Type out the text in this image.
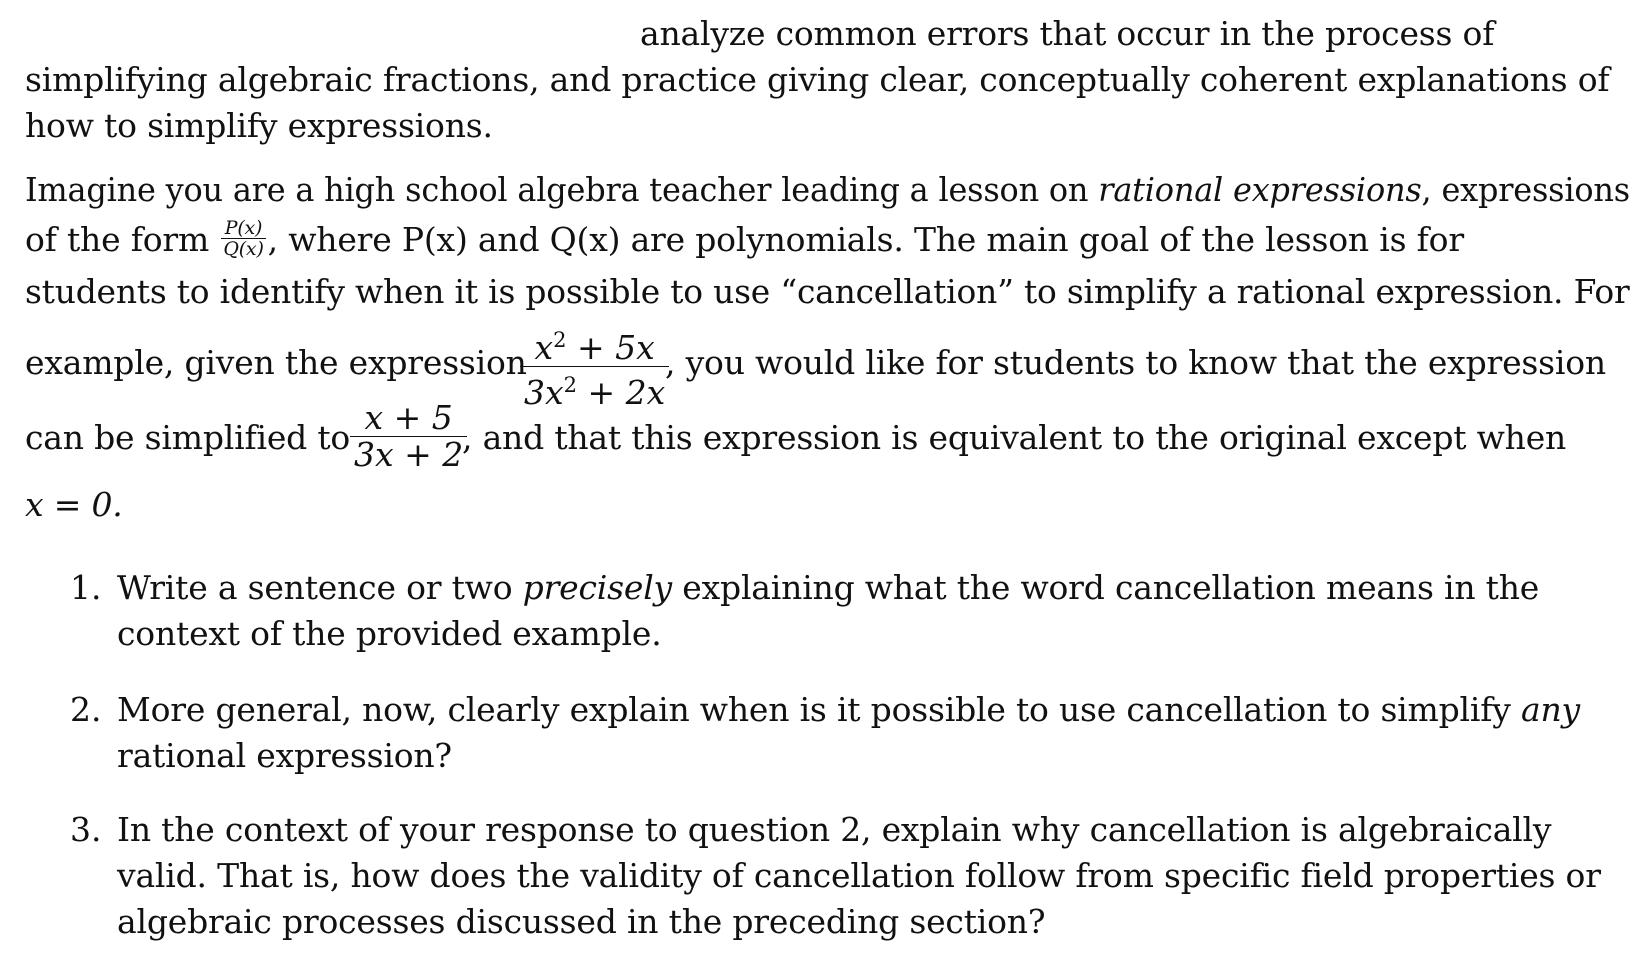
analyze common errors that occur in the process of
simplifying algebraic fractions, and practice giving clear, conceptually coherent explanations of
how to simplify expressions.
Imagine you are a high school algebra teacher leading a lesson on rational expressions, expressions
of the form $\frac{P(x)}{Q(x)}$ , where P(x) and Q(x) are polynomials. The main goal of the lesson is for
students to identify when it is possible to use “cancellation” to simplify a rational expression. For
example, given the expression
$\frac{x^2 + 5x}{3x^2 + 2x}$
, you would like for students to know that the expression
can be simplified to $\frac{x + 5}{3x + 2}$
, and that this expression is equivalent to the original except when
x = 0.
1. Write a sentence or two precisely explaining what the word cancellation means in the
context of the provided example.
2. More general, now, clearly explain when is it possible to use cancellation to simplify any
rational expression?
3. In the context of your response to question 2, explain why cancellation is algebraically
valid. That is, how does the validity of cancellation follow from specific field properties or
algebraic processes discussed in the preceding section?
